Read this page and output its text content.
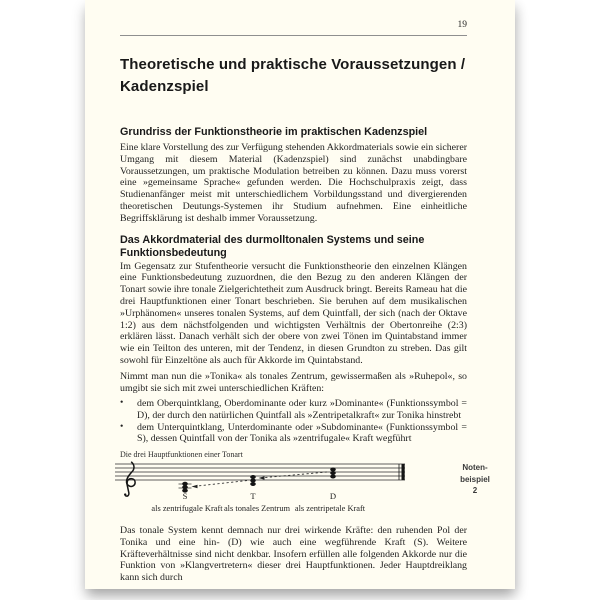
Noten-
beispiel
2
19
Theoretische und praktische Voraussetzungen /
Kadenzspiel
Grundriss der Funktionstheorie im praktischen Kadenzspiel

Eine klare Vorstellung des zur Verfügung stehenden Akkordmaterials sowie ein sicherer Umgang mit diesem Material (Kadenzspiel) sind zunächst unabdingbare Voraussetzungen, um praktische Modulation betreiben zu können. Dazu muss vorerst eine »gemeinsame Sprache« gefunden werden. Die Hochschulpraxis zeigt, dass Studienanfänger meist mit unterschiedlichem Vorbildungsstand und divergierenden theoretischen Deutungs-Systemen ihr Studium aufnehmen. Eine einheitliche Begriffsklärung ist deshalb immer Voraussetzung.

Das Akkordmaterial des durmolltonalen Systems und seine Funktionsbedeutung

Im Gegensatz zur Stufentheorie versucht die Funktionstheorie den einzelnen Klängen eine Funktionsbedeutung zuzuordnen, die den Bezug zu den anderen Klängen der Tonart sowie ihre tonale Zielgerichtetheit zum Ausdruck bringt. Bereits Rameau hat die drei Hauptfunktionen einer Tonart beschrieben. Sie beruhen auf dem musikalischen »Urphänomen« unseres tonalen Systems, auf dem Quintfall, der sich (nach der Oktave 1:2) aus dem nächstfolgenden und wichtigsten Verhältnis der Obertonreihe (2:3) erklären lässt. Danach verhält sich der obere von zwei Tönen im Quintabstand immer wie ein Teilton des unteren, mit der Tendenz, in diesen Grundton zu streben. Das gilt sowohl für Einzeltöne als auch für Akkorde im Quintabstand.

Nimmt man nun die »Tonika« als tonales Zentrum, gewissermaßen als »Ruhepol«, so umgibt sie sich mit zwei unterschiedlichen Kräften:

•	dem Oberquintklang, Oberdominante oder kurz »Dominante« (Funktionssymbol = D), der durch den natürlichen Quintfall als »Zentripetalkraft« zur Tonika hinstrebt
•	dem Unterquintklang, Unterdominante oder »Subdominante« (Funktionssymbol = S), dessen Quintfall von der Tonika als »zentrifugale« Kraft wegführt
Die drei Hauptfunktionen einer Tonart
S	T	D
als zentrifugale Kraft als tonales Zentrum als zentripetale Kraft

Das tonale System kennt demnach nur drei wirkende Kräfte: den ruhenden Pol der Tonika und eine hin- (D) wie auch eine wegführende Kraft (S). Weitere Kräfteverhältnisse sind nicht denkbar. Insofern erfüllen alle folgenden Akkorde nur die Funktion von »Klangvertretern« dieser drei Hauptfunktionen. Jeder Hauptdreiklang kann sich durch
